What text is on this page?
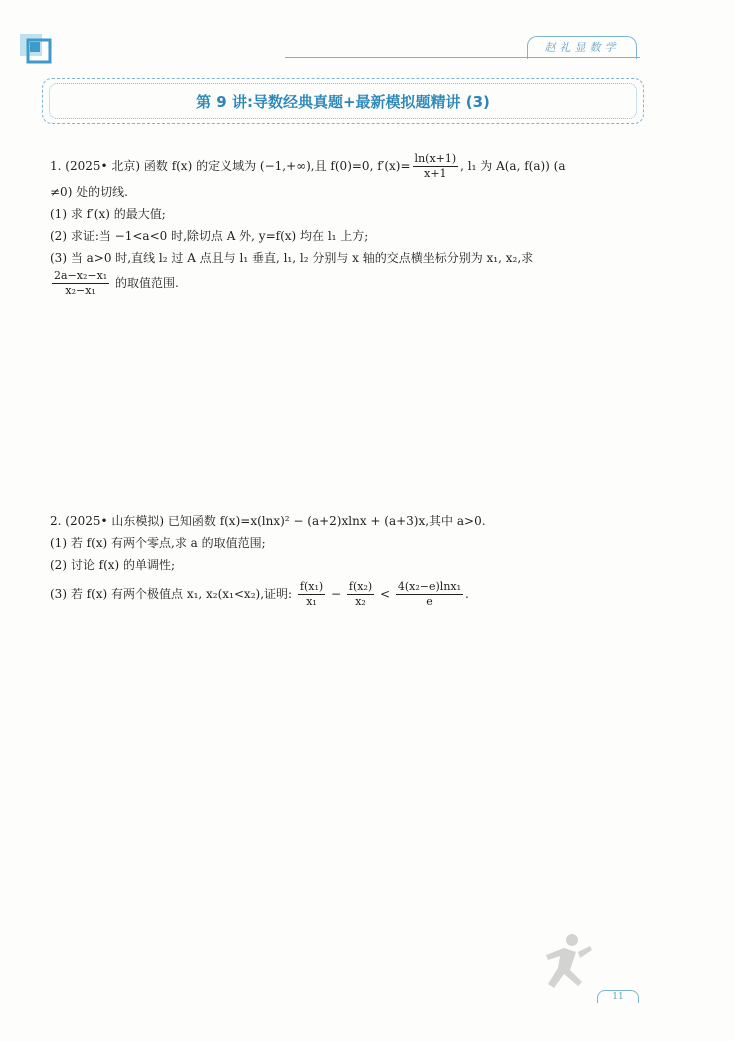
赵礼显数学
第 9 讲:导数经典真题+最新模拟题精讲 (3)
1. (2025• 北京) 函数 f(x) 的定义域为 (−1,+∞),且 f(0)=0, $f'(x)= \frac{\ln(x+1)}{x+1}$ , l₁ 为 A(a, f(a)) (a
≠0) 处的切线.
(1) 求 f′(x) 的最大值;
(2) 求证:当 −1<a<0 时,除切点 A 外, y=f(x) 均在 l₁ 上方;
(3) 当 a>0 时,直线 l₂ 过 A 点且与 l₁ 垂直, l₁, l₂ 分别与 x 轴的交点横坐标分别为 x₁, x₂,求
$\frac{\text{2a−x₂−x₁}}{\text{x₂−x₁}}$ 的取值范围.
2. (2025• 山东模拟) 已知函数 f(x)=x(lnx)² − (a+2)xlnx + (a+3)x,其中 a>0.
(1) 若 f(x) 有两个零点,求 a 的取值范围;
(2) 讨论 f(x) 的单调性;
(3) 若 f(x) 有两个极值点 x₁, x₂(x₁<x₂),证明: $\frac{\text{f(x₁)}}{\text{x₁}} - \frac{\text{f(x₂)}}{\text{x₂}} < \frac{\text{4(x₂−e)lnx₁}}{e}$ .
11
